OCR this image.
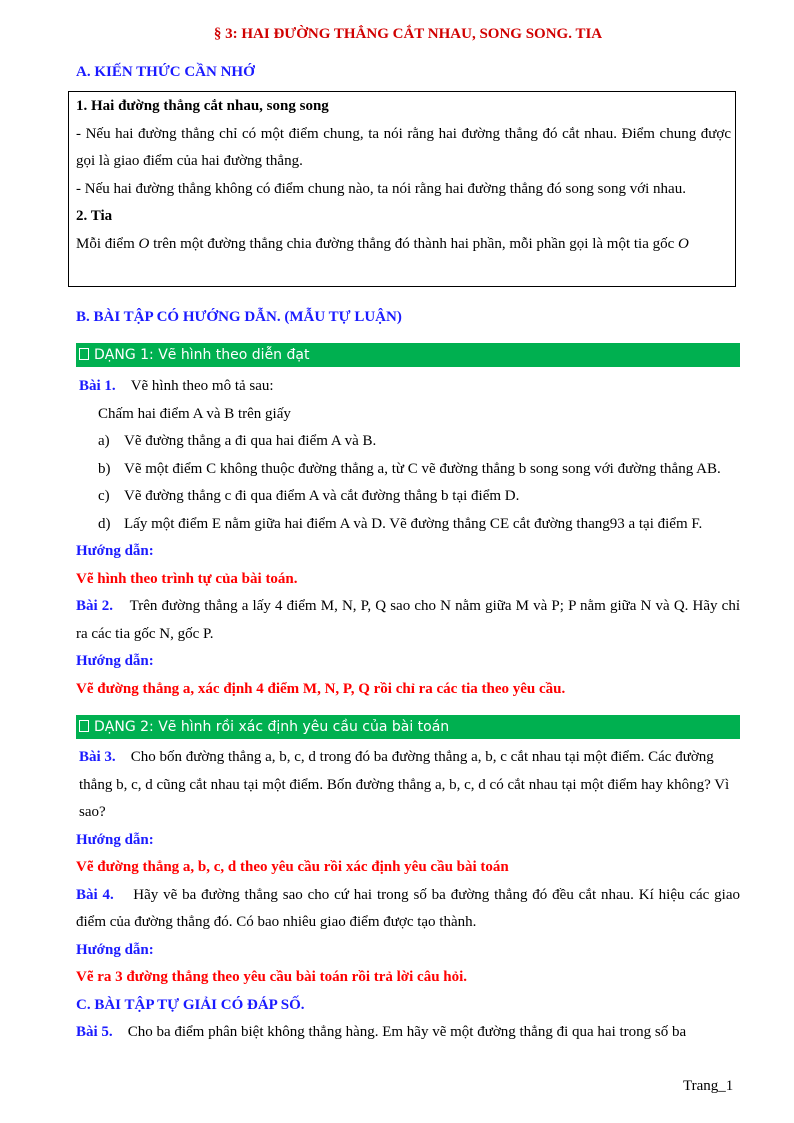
§ 3: HAI ĐƯỜNG THẲNG CẮT NHAU, SONG SONG. TIA
A. KIẾN THỨC CẦN NHỚ

1. Hai đường thẳng cắt nhau, song song

- Nếu hai đường thẳng chỉ có một điểm chung, ta nói rằng hai đường thẳng đó cắt nhau. Điểm chung được gọi là giao điểm của hai đường thẳng.

- Nếu hai đường thẳng không có điểm chung nào, ta nói rằng hai đường thẳng đó song song với nhau.

2. Tia

Mỗi điểm O trên một đường thẳng chia đường thẳng đó thành hai phần, mỗi phần gọi là một tia gốc O

B. BÀI TẬP CÓ HƯỚNG DẪN. (MẪU TỰ LUẬN)
DẠNG 1: Vẽ hình theo diễn đạt

Bài 1. Vẽ hình theo mô tả sau:

Chấm hai điểm A và B trên giấy

a) Vẽ đường thẳng a đi qua hai điểm A và B.

b) Vẽ một điểm C không thuộc đường thẳng a, từ C vẽ đường thẳng b song song với đường thẳng AB.

c) Vẽ đường thẳng c đi qua điểm A và cắt đường thẳng b tại điểm D.

d) Lấy một điểm E nằm giữa hai điểm A và D. Vẽ đường thẳng CE cắt đường thang93 a tại điểm F.

Hướng dẫn:

Vẽ hình theo trình tự của bài toán.

Bài 2. Trên đường thẳng a lấy 4 điểm M, N, P, Q sao cho N nằm giữa M và P; P nằm giữa N và Q. Hãy chỉ ra các tia gốc N, gốc P.

Hướng dẫn:

Vẽ đường thẳng a, xác định 4 điểm M, N, P, Q rồi chỉ ra các tia theo yêu cầu.

DẠNG 2: Vẽ hình rồi xác định yêu cầu của bài toán

Bài 3. Cho bốn đường thẳng a, b, c, d trong đó ba đường thẳng a, b, c cắt nhau tại một điểm. Các đường thẳng b, c, d cũng cắt nhau tại một điểm. Bốn đường thẳng a, b, c, d có cắt nhau tại một điểm hay không? Vì sao?

Hướng dẫn:

Vẽ đường thẳng a, b, c, d theo yêu cầu rồi xác định yêu cầu bài toán

Bài 4. Hãy vẽ ba đường thẳng sao cho cứ hai trong số ba đường thẳng đó đều cắt nhau. Kí hiệu các giao điểm của đường thẳng đó. Có bao nhiêu giao điểm được tạo thành.

Hướng dẫn:

Vẽ ra 3 đường thẳng theo yêu cầu bài toán rồi trả lời câu hỏi.

C. BÀI TẬP TỰ GIẢI CÓ ĐÁP SỐ.

Bài 5. Cho ba điểm phân biệt không thẳng hàng. Em hãy vẽ một đường thẳng đi qua hai trong số ba

Trang_1
